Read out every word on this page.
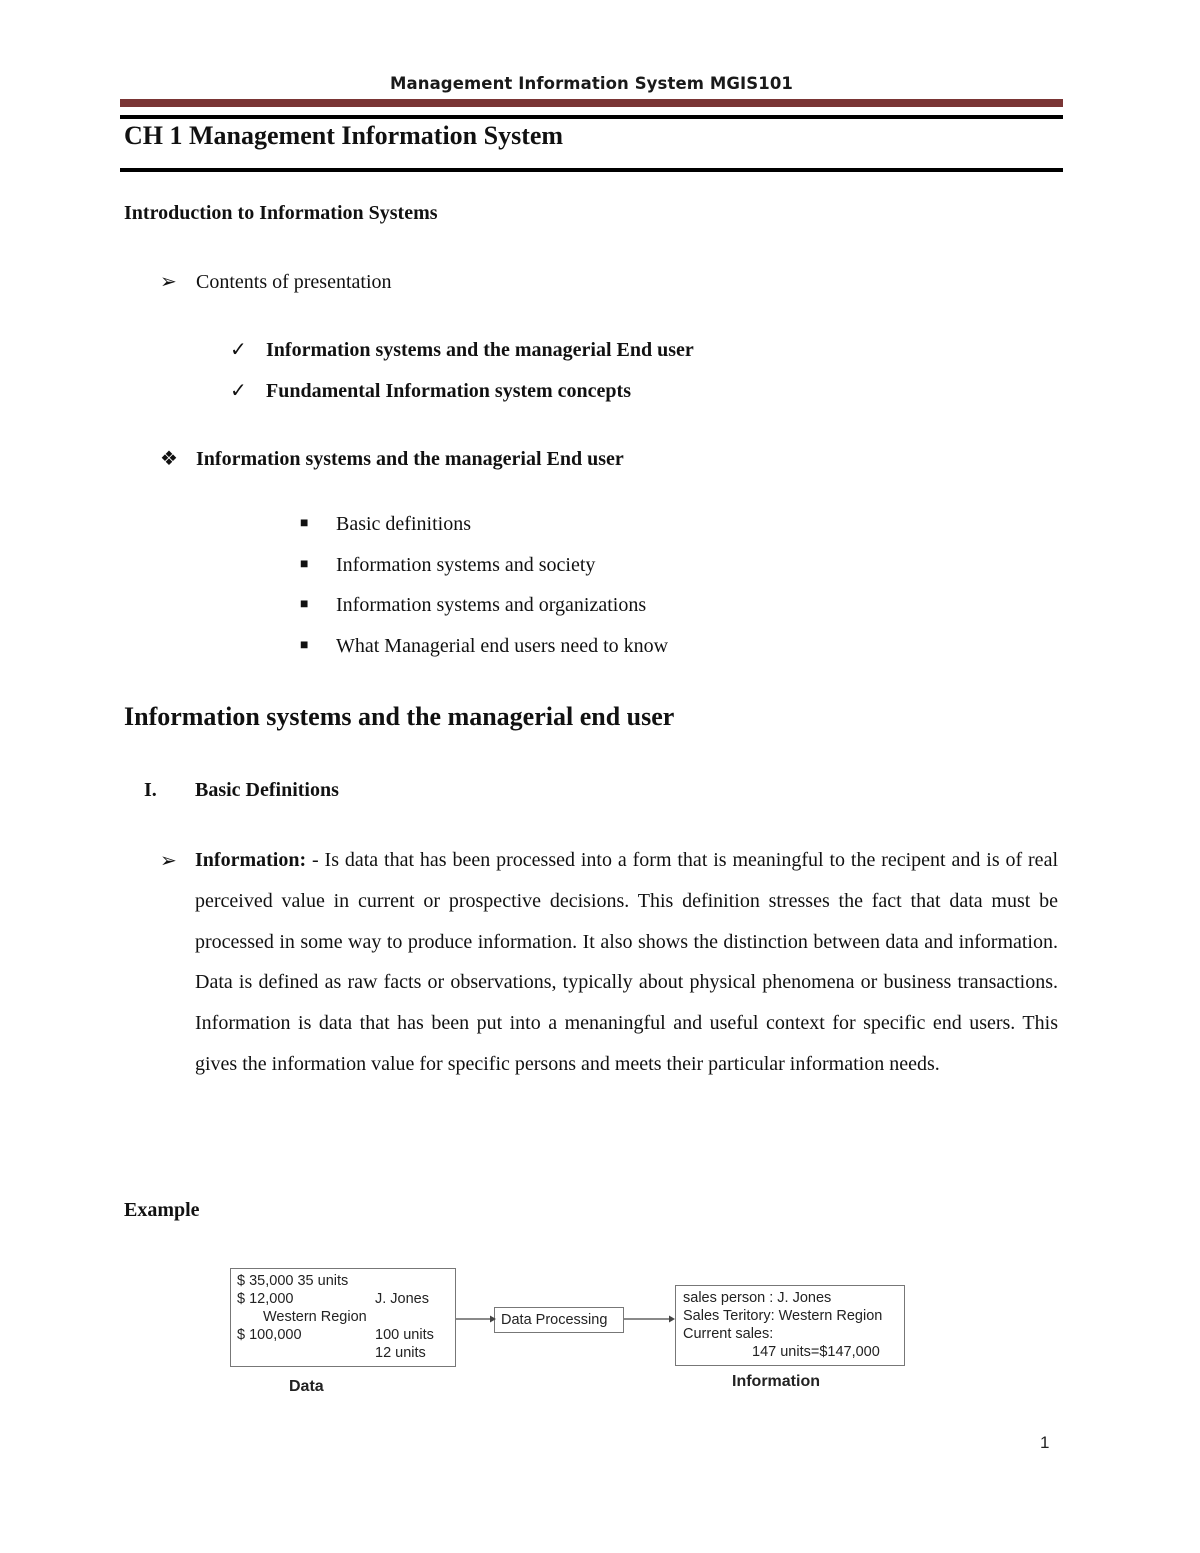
Management Information System MGIS101
CH 1 Management Information System
Introduction to Information Systems
➢ Contents of presentation
✓ Information systems and the managerial End user
✓ Fundamental Information system concepts
❖ Information systems and the managerial End user
■	Basic definitions
■	Information systems and society
■	Information systems and organizations
■	What Managerial end users need to know
Information systems and the managerial end user
I. Basic Definitions
➢ Information: - Is data that has been processed into a form that is meaningful to the recipent and is of real perceived value in current or prospective decisions. This definition stresses the fact that data must be processed in some way to produce information. It also shows the distinction between data and information. Data is defined as raw facts or observations, typically about physical phenomena or business transactions. Information is data that has been put into a menaningful and useful context for specific end users. This gives the information value for specific persons and meets their particular information needs.
Example
$ 35,000 35 units
$ 12,000	J. Jones
Western Region
$ 100,000	100 units
12 units
Data
Data Processing
sales person : J. Jones
Sales Teritory: Western Region
Current sales:
147 units=$147,000
Information
1
